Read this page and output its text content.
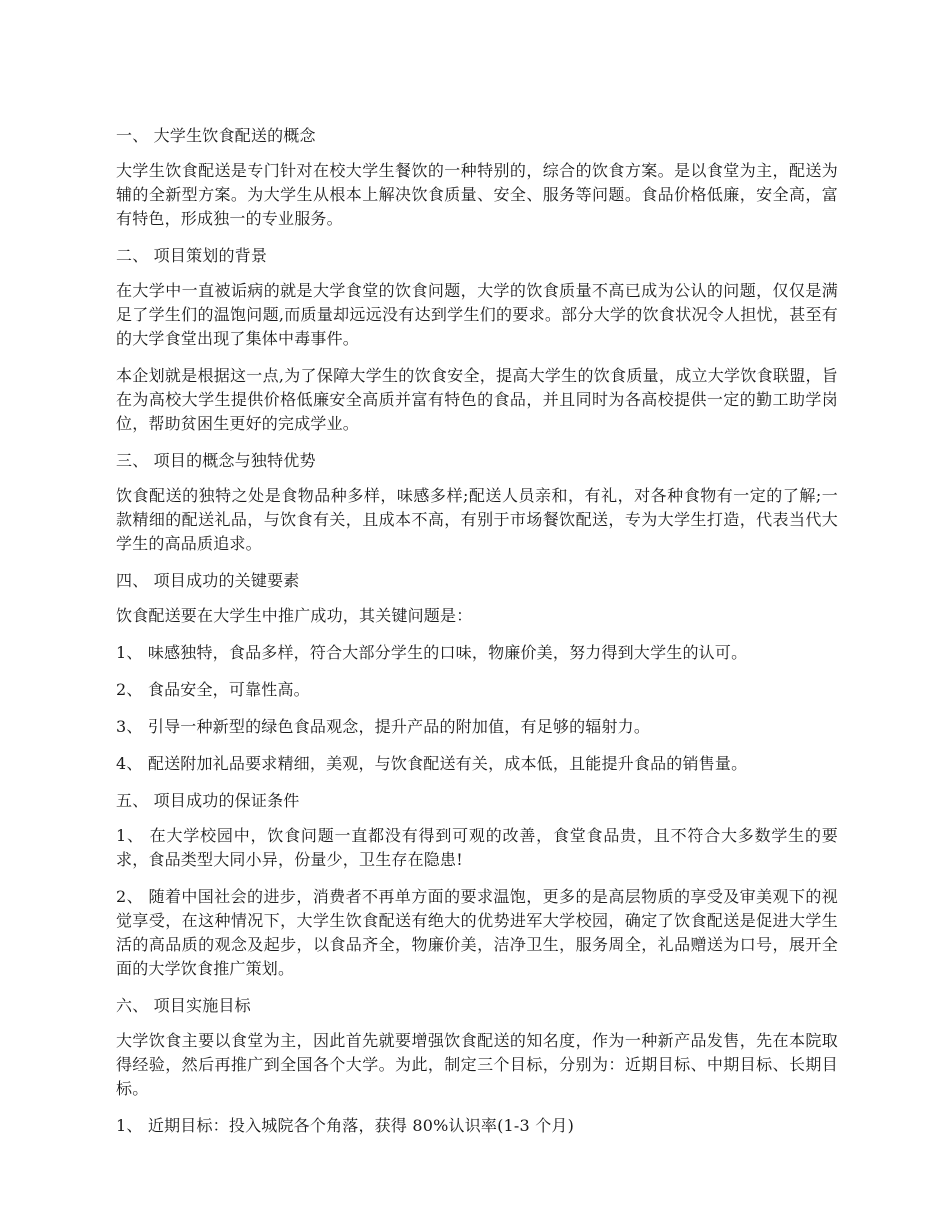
一、 大学生饮食配送的概念

大学生饮食配送是专门针对在校大学生餐饮的一种特别的，综合的饮食方案。是以食堂为主，配送为辅的全新型方案。为大学生从根本上解决饮食质量、安全、服务等问题。食品价格低廉，安全高，富有特色，形成独一的专业服务。

二、 项目策划的背景

在大学中一直被诟病的就是大学食堂的饮食问题，大学的饮食质量不高已成为公认的问题，仅仅是满足了学生们的温饱问题,而质量却远远没有达到学生们的要求。部分大学的饮食状况令人担忧，甚至有的大学食堂出现了集体中毒事件。

本企划就是根据这一点,为了保障大学生的饮食安全，提高大学生的饮食质量，成立大学饮食联盟，旨在为高校大学生提供价格低廉安全高质并富有特色的食品，并且同时为各高校提供一定的勤工助学岗位，帮助贫困生更好的完成学业。

三、 项目的概念与独特优势

饮食配送的独特之处是食物品种多样，味感多样;配送人员亲和，有礼，对各种食物有一定的了解;一款精细的配送礼品，与饮食有关，且成本不高，有别于市场餐饮配送，专为大学生打造，代表当代大学生的高品质追求。

四、 项目成功的关键要素

饮食配送要在大学生中推广成功，其关键问题是：

1、 味感独特，食品多样，符合大部分学生的口味，物廉价美，努力得到大学生的认可。

2、 食品安全，可靠性高。

3、 引导一种新型的绿色食品观念，提升产品的附加值，有足够的辐射力。

4、 配送附加礼品要求精细，美观，与饮食配送有关，成本低，且能提升食品的销售量。

五、 项目成功的保证条件

1、 在大学校园中，饮食问题一直都没有得到可观的改善，食堂食品贵，且不符合大多数学生的要求，食品类型大同小异，份量少，卫生存在隐患!

2、 随着中国社会的进步，消费者不再单方面的要求温饱，更多的是高层物质的享受及审美观下的视觉享受，在这种情况下，大学生饮食配送有绝大的优势进军大学校园，确定了饮食配送是促进大学生活的高品质的观念及起步，以食品齐全，物廉价美，洁净卫生，服务周全，礼品赠送为口号，展开全面的大学饮食推广策划。

六、 项目实施目标

大学饮食主要以食堂为主，因此首先就要增强饮食配送的知名度，作为一种新产品发售，先在本院取得经验，然后再推广到全国各个大学。为此，制定三个目标，分别为：近期目标、中期目标、长期目标。

1、 近期目标：投入城院各个角落，获得 80%认识率(1-3 个月)
